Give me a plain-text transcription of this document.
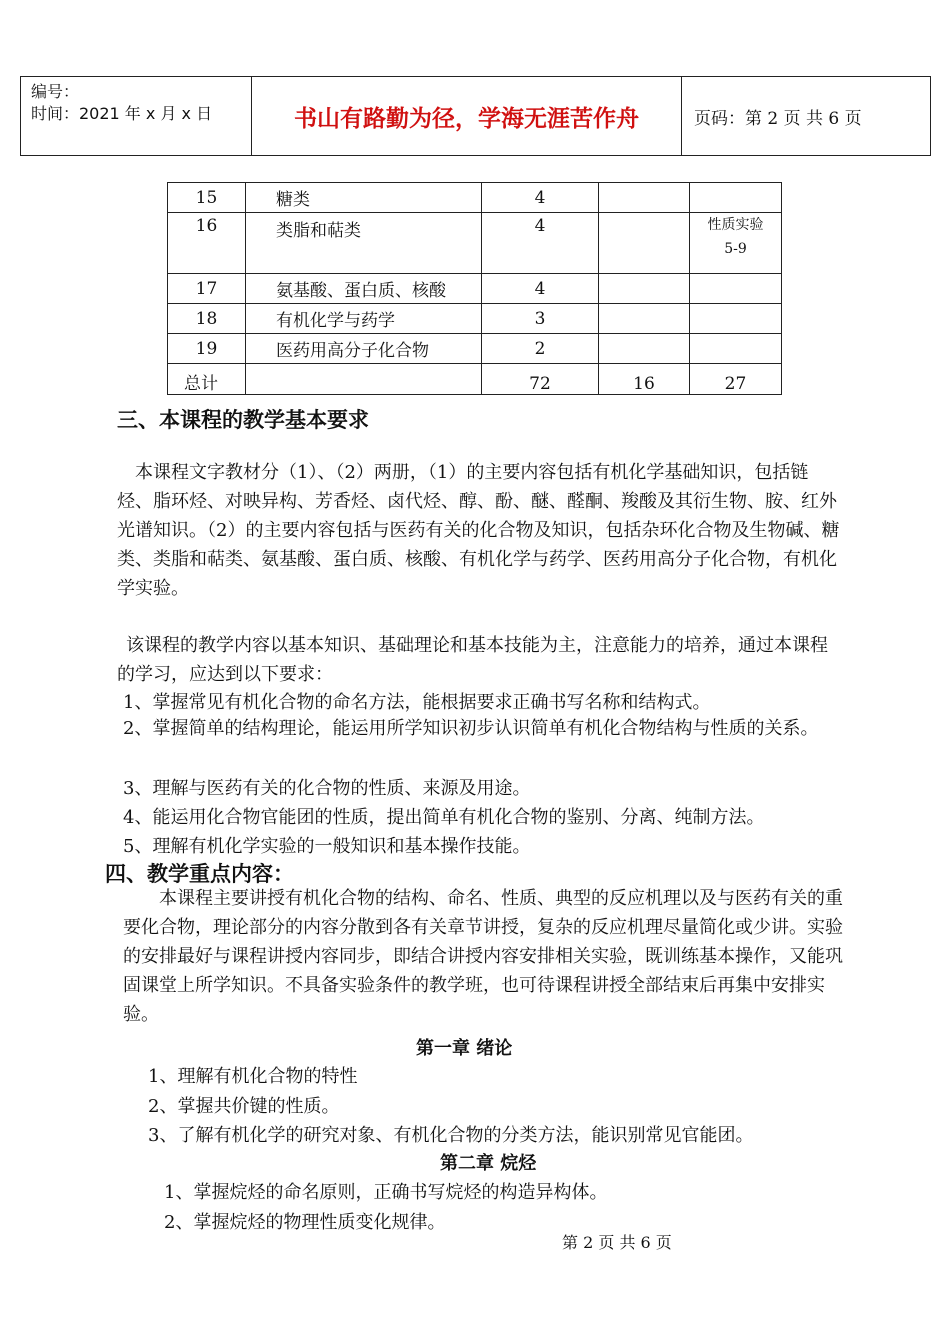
编号：
时间：2021 年 x 月 x 日	书山有路勤为径，学海无涯苦作舟	页码：第 2 页 共 6 页
15	糖类	4		
16	类脂和萜类	4		性质实验
5-9

17	氨基酸、蛋白质、核酸	4		
18	有机化学与药学	3		
19	医药用高分子化合物	2		
总计		72	16	27
三、本课程的教学基本要求
本课程文字教材分（1）、（2）两册，（1）的主要内容包括有机化学基础知识，包括链烃、脂环烃、对映异构、芳香烃、卤代烃、醇、酚、醚、醛酮、羧酸及其衍生物、胺、红外光谱知识。（2）的主要内容包括与医药有关的化合物及知识，包括杂环化合物及生物碱、糖类、类脂和萜类、氨基酸、蛋白质、核酸、有机化学与药学、医药用高分子化合物，有机化学实验。
该课程的教学内容以基本知识、基础理论和基本技能为主，注意能力的培养，通过本课程的学习，应达到以下要求：
1、掌握常见有机化合物的命名方法，能根据要求正确书写名称和结构式。
2、掌握简单的结构理论，能运用所学知识初步认识简单有机化合物结构与性质的关系。
3、理解与医药有关的化合物的性质、来源及用途。
4、能运用化合物官能团的性质，提出简单有机化合物的鉴别、分离、纯制方法。
5、理解有机化学实验的一般知识和基本操作技能。
四、教学重点内容：
本课程主要讲授有机化合物的结构、命名、性质、典型的反应机理以及与医药有关的重要化合物，理论部分的内容分散到各有关章节讲授，复杂的反应机理尽量简化或少讲。实验的安排最好与课程讲授内容同步，即结合讲授内容安排相关实验，既训练基本操作，又能巩固课堂上所学知识。不具备实验条件的教学班，也可待课程讲授全部结束后再集中安排实验。
第一章 绪论
1、理解有机化合物的特性
2、掌握共价键的性质。
3、了解有机化学的研究对象、有机化合物的分类方法，能识别常见官能团。
第二章 烷烃
1、掌握烷烃的命名原则，正确书写烷烃的构造异构体。
2、掌握烷烃的物理性质变化规律。
第 2 页 共 6 页
